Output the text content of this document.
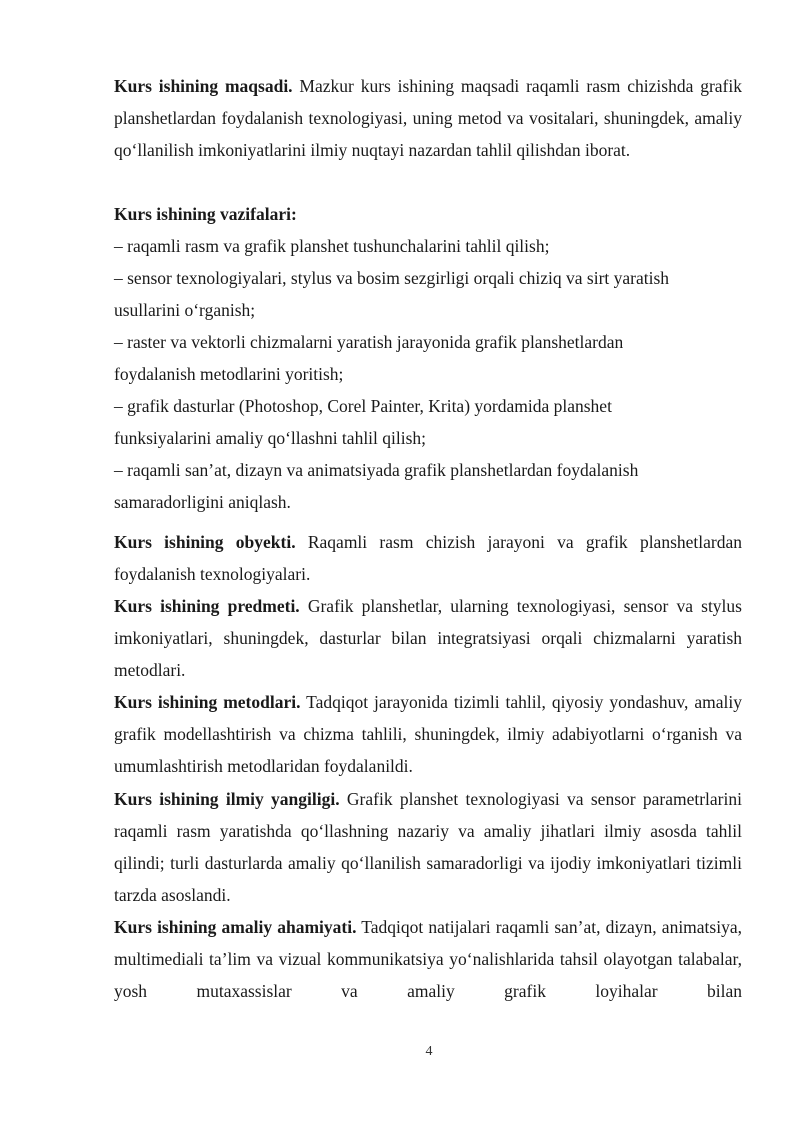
Kurs ishining maqsadi. Mazkur kurs ishining maqsadi raqamli rasm chizishda grafik planshetlardan foydalanish texnologiyasi, uning metod va vositalari, shuningdek, amaliy qo‘llanilish imkoniyatlarini ilmiy nuqtayi nazardan tahlil qilishdan iborat.

Kurs ishining vazifalari:

– raqamli rasm va grafik planshet tushunchalarini tahlil qilish;

– sensor texnologiyalari, stylus va bosim sezgirligi orqali chiziq va sirt yaratish usullarini o‘rganish;

– raster va vektorli chizmalarni yaratish jarayonida grafik planshetlardan foydalanish metodlarini yoritish;

– grafik dasturlar (Photoshop, Corel Painter, Krita) yordamida planshet funksiyalarini amaliy qo‘llashni tahlil qilish;

– raqamli san’at, dizayn va animatsiyada grafik planshetlardan foydalanish samaradorligini aniqlash.

Kurs ishining obyekti. Raqamli rasm chizish jarayoni va grafik planshetlardan foydalanish texnologiyalari.

Kurs ishining predmeti. Grafik planshetlar, ularning texnologiyasi, sensor va stylus imkoniyatlari, shuningdek, dasturlar bilan integratsiyasi orqali chizmalarni yaratish metodlari.

Kurs ishining metodlari. Tadqiqot jarayonida tizimli tahlil, qiyosiy yondashuv, amaliy grafik modellashtirish va chizma tahlili, shuningdek, ilmiy adabiyotlarni o‘rganish va umumlashtirish metodlaridan foydalanildi.

Kurs ishining ilmiy yangiligi. Grafik planshet texnologiyasi va sensor parametrlarini raqamli rasm yaratishda qo‘llashning nazariy va amaliy jihatlari ilmiy asosda tahlil qilindi; turli dasturlarda amaliy qo‘llanilish samaradorligi va ijodiy imkoniyatlari tizimli tarzda asoslandi.

Kurs ishining amaliy ahamiyati. Tadqiqot natijalari raqamli san’at, dizayn, animatsiya, multimediali ta’lim va vizual kommunikatsiya yo‘nalishlarida tahsil olayotgan talabalar, yosh mutaxassislar va amaliy grafik loyihalar bilan

4
